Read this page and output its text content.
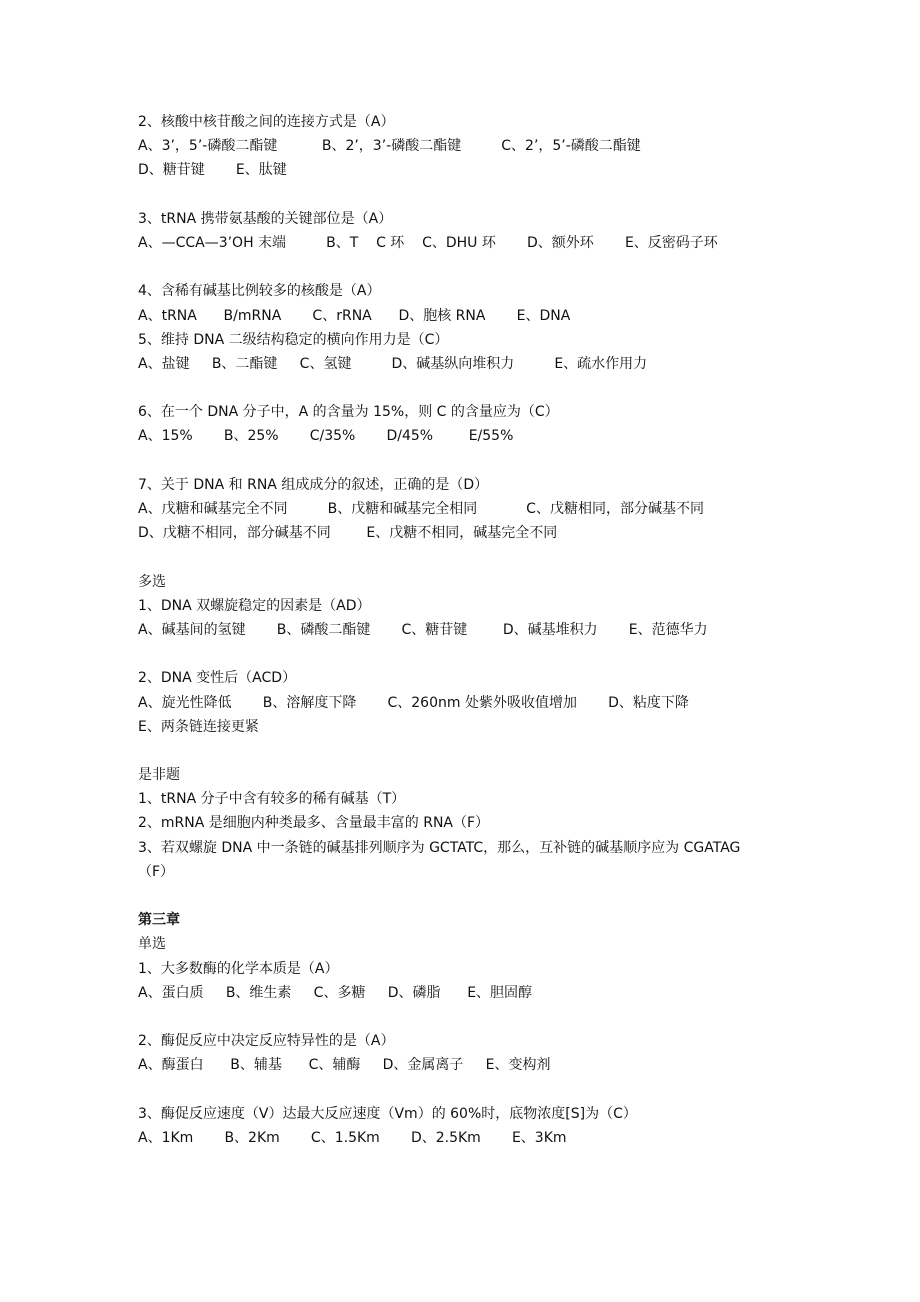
2、核酸中核苷酸之间的连接方式是（A）
A、3’，5’-磷酸二酯键          B、2’，3’-磷酸二酯键         C、2’，5’-磷酸二酯键
D、糖苷键       E、肽键
3、tRNA 携带氨基酸的关键部位是（A）
A、—CCA—3’OH 末端         B、T    C 环    C、DHU 环       D、额外环       E、反密码子环
4、含稀有碱基比例较多的核酸是（A）
A、tRNA      B/mRNA       C、rRNA      D、胞核 RNA       E、DNA
5、维持 DNA 二级结构稳定的横向作用力是（C）
A、盐键     B、二酯键     C、氢键         D、碱基纵向堆积力         E、疏水作用力
6、在一个 DNA 分子中，A 的含量为 15%，则 C 的含量应为（C）
A、15%       B、25%       C/35%       D/45%        E/55%
7、关于 DNA 和 RNA 组成成分的叙述，正确的是（D）
A、戊糖和碱基完全不同         B、戊糖和碱基完全相同           C、戊糖相同，部分碱基不同
D、戊糖不相同，部分碱基不同        E、戊糖不相同，碱基完全不同
多选
1、DNA 双螺旋稳定的因素是（AD）
A、碱基间的氢键       B、磷酸二酯键       C、糖苷键        D、碱基堆积力       E、范德华力
2、DNA 变性后（ACD）
A、旋光性降低       B、溶解度下降       C、260nm 处紫外吸收值增加       D、粘度下降
E、两条链连接更紧
是非题
1、tRNA 分子中含有较多的稀有碱基（T）
2、mRNA 是细胞内种类最多、含量最丰富的 RNA（F）
3、若双螺旋 DNA 中一条链的碱基排列顺序为 GCTATC，那么，互补链的碱基顺序应为 CGATAG
（F）
第三章
单选
1、大多数酶的化学本质是（A）
A、蛋白质     B、维生素     C、多糖     D、磷脂      E、胆固醇
2、酶促反应中决定反应特异性的是（A）
A、酶蛋白      B、辅基      C、辅酶     D、金属离子     E、变构剂
3、酶促反应速度（V）达最大反应速度（Vm）的 60%时，底物浓度[S]为（C）
A、1Km       B、2Km       C、1.5Km       D、2.5Km       E、3Km
